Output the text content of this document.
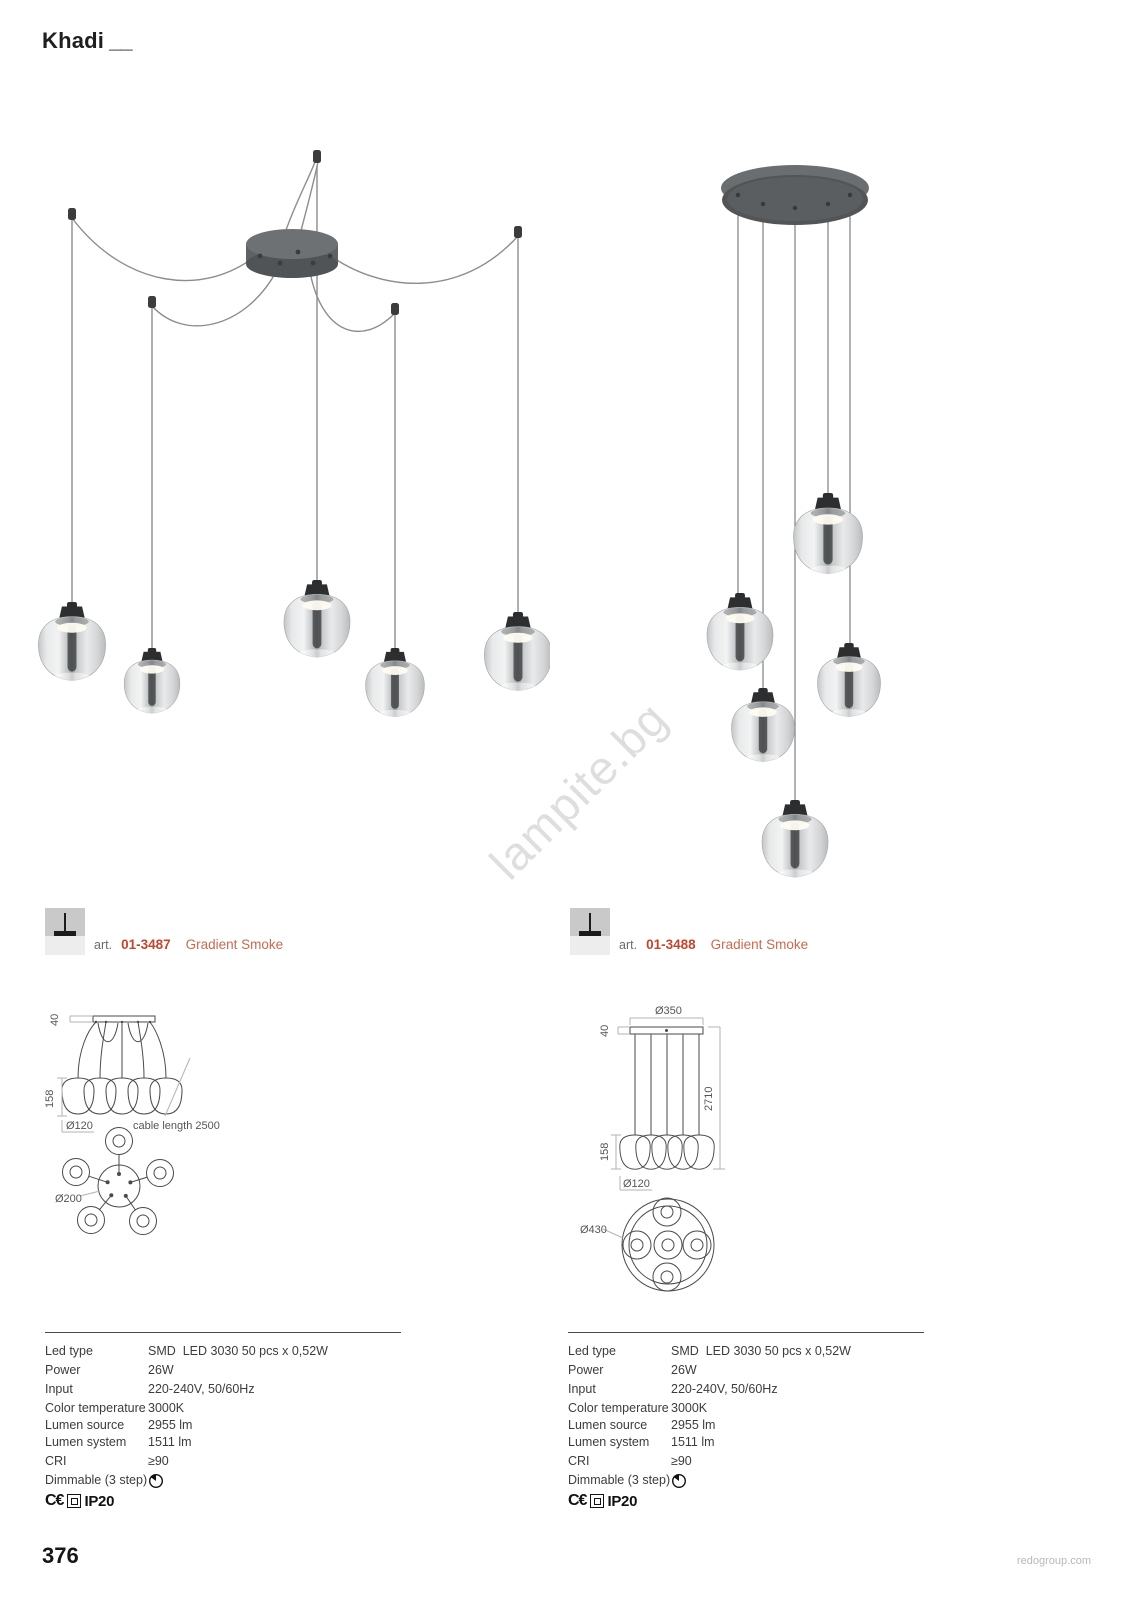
Khadi __
lampite.bg
art. 01-3487 Gradient Smoke	art. 01-3488 Gradient Smoke
40
158
Ø120	cable length 2500
Ø200
Ø350
40
2710
158
Ø120
Ø430
Led type	SMD  LED 3030 50 pcs x 0,52W
Power	26W
Input	220-240V, 50/60Hz
Color temperature 3000K
Lumen source	2955 lm
Lumen system	1511 lm
CRI	≥90
Dimmable (3 step)
C€ IP20
Led type	SMD  LED 3030 50 pcs x 0,52W
Power	26W
Input	220-240V, 50/60Hz
Color temperature 3000K
Lumen source	2955 lm
Lumen system	1511 lm
CRI	≥90
Dimmable (3 step)
C€ IP20
376	redogroup.com
